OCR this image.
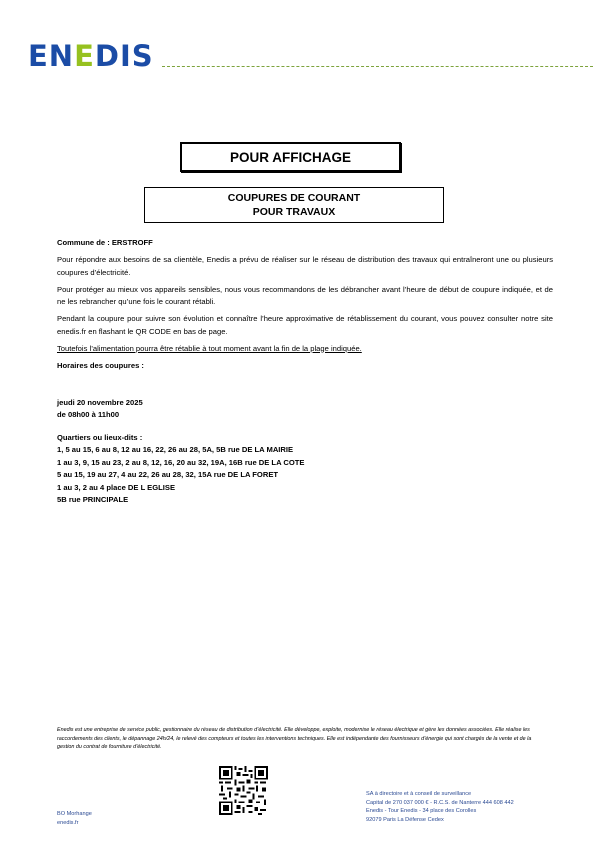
ENEDIS
POUR AFFICHAGE
COUPURES DE COURANT
POUR TRAVAUX

Commune de : ERSTROFF

Pour répondre aux besoins de sa clientèle, Enedis a prévu de réaliser sur le réseau de distribution des travaux qui entraîneront une ou plusieurs coupures d’électricité.

Pour protéger au mieux vos appareils sensibles, nous vous recommandons de les débrancher avant l’heure de début de coupure indiquée, et de ne les rebrancher qu’une fois le courant rétabli.

Pendant la coupure pour suivre son évolution et connaître l’heure approximative de rétablissement du courant, vous pouvez consulter notre site enedis.fr en flashant le QR CODE en bas de page.

Toutefois l’alimentation pourra être rétablie à tout moment avant la fin de la plage indiquée.

Horaires des coupures :

jeudi 20 novembre 2025
de 08h00 à 11h00
Quartiers ou lieux-dits :
1, 5 au 15, 6 au 8, 12 au 16, 22, 26 au 28, 5A, 5B rue DE LA MAIRIE
1 au 3, 9, 15 au 23, 2 au 8, 12, 16, 20 au 32, 19A, 16B rue DE LA COTE
5 au 15, 19 au 27, 4 au 22, 26 au 28, 32, 15A rue DE LA FORET
1 au 3, 2 au 4 place DE L EGLISE
5B rue PRINCIPALE
Enedis est une entreprise de service public, gestionnaire du réseau de distribution d’électricité. Elle développe, exploite, modernise le réseau électrique et gère les données associées. Elle réalise les raccordements des clients, le dépannage 24h/24, le relevé des compteurs et toutes les interventions techniques. Elle est indépendante des fournisseurs d’énergie qui sont chargés de la vente et de la gestion du contrat de fourniture d’électricité.
SA à directoire et à conseil de surveillance
Capital de 270 037 000 € - R.C.S. de Nanterre 444 608 442
Enedis - Tour Enedis - 34 place des Corolles
92079 Paris La Défense Cedex
BO Morhange
enedis.fr
